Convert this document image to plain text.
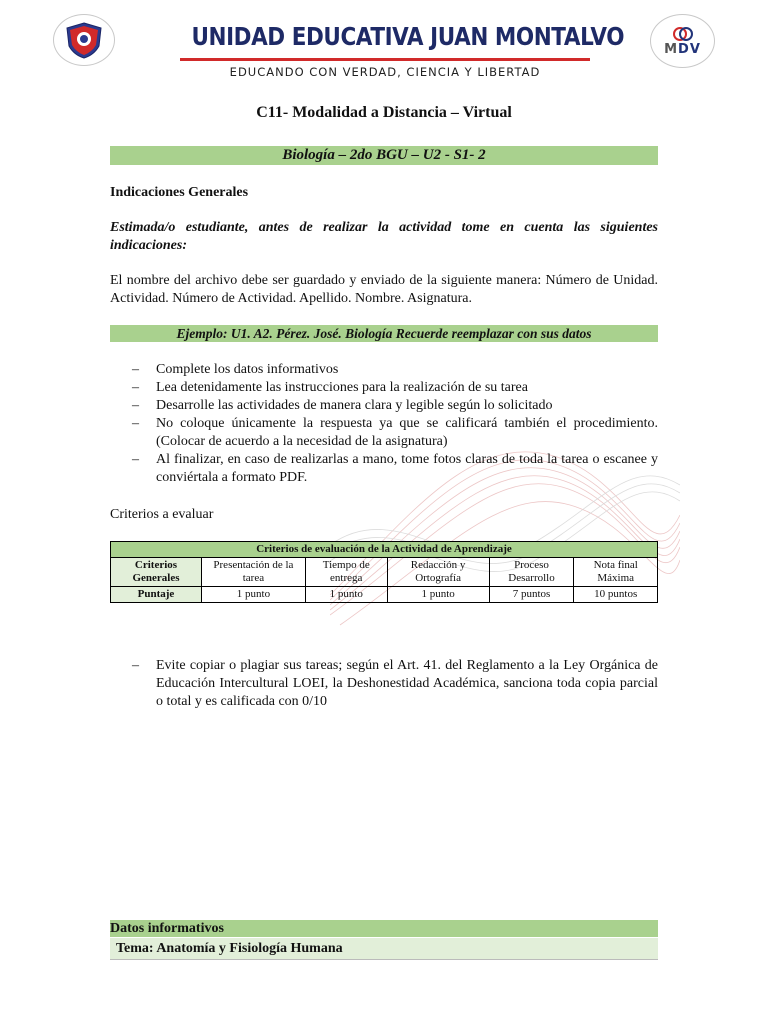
UNIDAD EDUCATIVA JUAN MONTALVO
EDUCANDO CON VERDAD, CIENCIA Y LIBERTAD
MDV
C11- Modalidad a Distancia – Virtual
Biología – 2do BGU – U2 - S1- 2
Indicaciones Generales
Estimada/o estudiante, antes de realizar la actividad tome en cuenta las siguientes indicaciones:
El nombre del archivo debe ser guardado y enviado de la siguiente manera: Número de Unidad. Actividad. Número de Actividad. Apellido. Nombre. Asignatura.
Ejemplo: U1. A2. Pérez. José. Biología Recuerde reemplazar con sus datos
– Complete los datos informativos
– Lea detenidamente las instrucciones para la realización de su tarea
– Desarrolle las actividades de manera clara y legible según lo solicitado
– No coloque únicamente la respuesta ya que se calificará también el procedimiento. (Colocar de acuerdo a la necesidad de la asignatura)
– Al finalizar, en caso de realizarlas a mano, tome fotos claras de toda la tarea o escanee y conviértala a formato PDF.
Criterios a evaluar
Criterios de evaluación de la Actividad de Aprendizaje					
Criterios Generales	Presentación de la tarea	Tiempo de entrega	Redacción y Ortografía	Proceso Desarrollo	Nota final Máxima
Puntaje	1 punto	1 punto	1 punto	7 puntos	10 puntos
– Evite copiar o plagiar sus tareas; según el Art. 41. del Reglamento a la Ley Orgánica de Educación Intercultural LOEI, la Deshonestidad Académica, sanciona toda copia parcial o total y es calificada con 0/10
Datos informativos
Tema: Anatomía y Fisiología Humana
